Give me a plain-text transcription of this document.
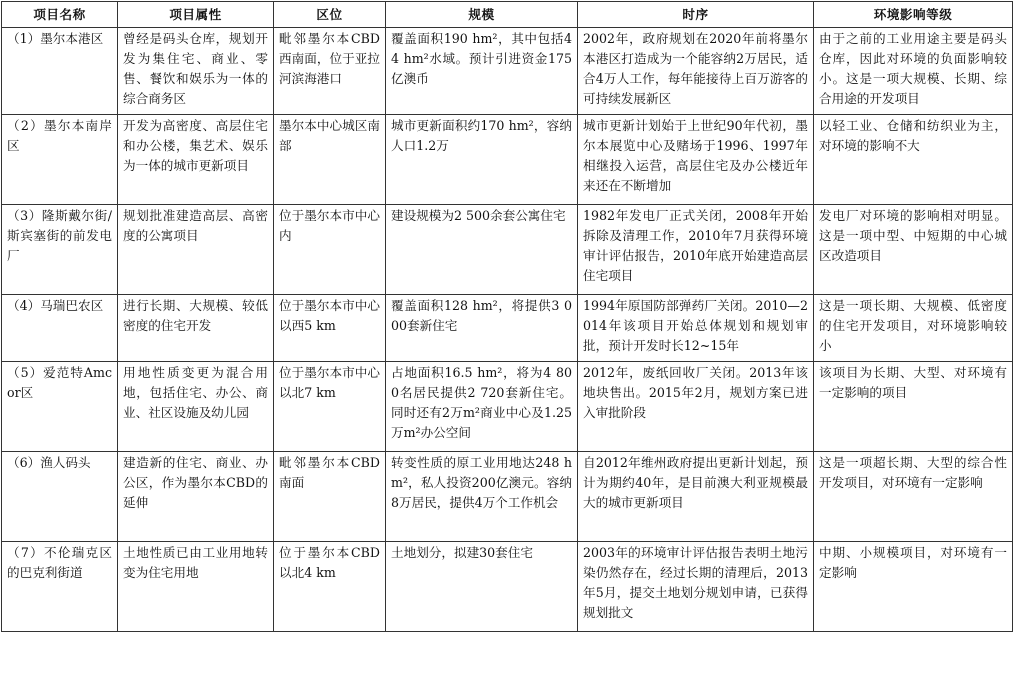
项目名称	项目属性	区位	规模	时序	环境影响等级
（1）墨尔本港区	曾经是码头仓库，规划开发为集住宅、商业、零售、餐饮和娱乐为一体的综合商务区	毗邻墨尔本CBD西南面，位于亚拉河滨海港口	覆盖面积190 hm²，其中包括44 hm²水域。预计引进资金175亿澳币	2002年，政府规划在2020年前将墨尔本港区打造成为一个能容纳2万居民，适合4万人工作，每年能接待上百万游客的可持续发展新区	由于之前的工业用途主要是码头仓库，因此对环境的负面影响较小。这是一项大规模、长期、综合用途的开发项目
（2）墨尔本南岸区	开发为高密度、高层住宅和办公楼，集艺术、娱乐为一体的城市更新项目	墨尔本中心城区南部	城市更新面积约170 hm²，容纳人口1.2万	城市更新计划始于上世纪90年代初，墨尔本展览中心及赌场于1996、1997年相继投入运营，高层住宅及办公楼近年来还在不断增加	以轻工业、仓储和纺织业为主，对环境的影响不大
（3）隆斯戴尔街/斯宾塞街的前发电厂	规划批准建造高层、高密度的公寓项目	位于墨尔本市中心内	建设规模为2 500余套公寓住宅	1982年发电厂正式关闭，2008年开始拆除及清理工作，2010年7月获得环境审计评估报告，2010年底开始建造高层住宅项目	发电厂对环境的影响相对明显。这是一项中型、中短期的中心城区改造项目
（4）马瑞巴农区	进行长期、大规模、较低密度的住宅开发	位于墨尔本市中心以西5 km	覆盖面积128 hm²，将提供3 000套新住宅	1994年原国防部弹药厂关闭。2010—2014年该项目开始总体规划和规划审批，预计开发时长12~15年	这是一项长期、大规模、低密度的住宅开发项目，对环境影响较小
（5）爱范特Amcor区	用地性质变更为混合用地，包括住宅、办公、商业、社区设施及幼儿园	位于墨尔本市中心以北7 km	占地面积16.5 hm²，将为4 800名居民提供2 720套新住宅。同时还有2万m²商业中心及1.25万m²办公空间	2012年，废纸回收厂关闭。2013年该地块售出。2015年2月，规划方案已进入审批阶段	该项目为长期、大型、对环境有一定影响的项目
（6）渔人码头	建造新的住宅、商业、办公区，作为墨尔本CBD的延伸	毗邻墨尔本CBD南面	转变性质的原工业用地达248 hm²，私人投资200亿澳元。容纳8万居民，提供4万个工作机会	自2012年维州政府提出更新计划起，预计为期约40年，是目前澳大利亚规模最大的城市更新项目	这是一项超长期、大型的综合性开发项目，对环境有一定影响
（7）不伦瑞克区的巴克利街道	土地性质已由工业用地转变为住宅用地	位于墨尔本CBD以北4 km	土地划分，拟建30套住宅	2003年的环境审计评估报告表明土地污染仍然存在，经过长期的清理后，2013年5月，提交土地划分规划申请，已获得规划批文	中期、小规模项目，对环境有一定影响
